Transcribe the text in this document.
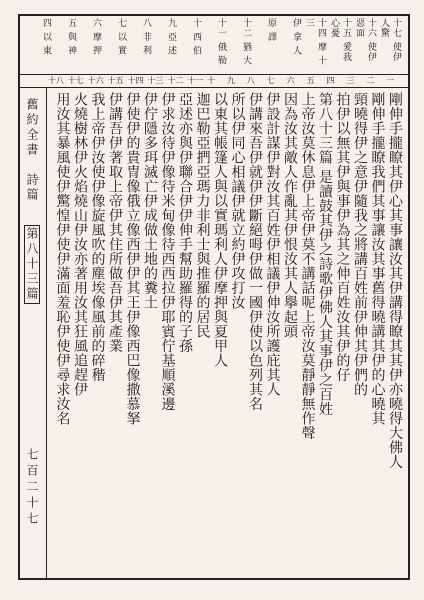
十七 使伊 人驚
十六 使伊 惡面
十五 愛我 心憂
十四 摩 十三
伊 拿 人
原 譯
十二 猶 大
十一 俄 勒
十 西 伯
九 亞 述
八 非 利
七 以 實
六 摩 押
五 與 神
四 以 東
十八 十七 十六 十五 十四 十三 十二 十一 十 九 八 七 六 五 四 三 二 一
舊約全書　詩篇 　第八十三篇
七百二十七
剛伸手攏瞭其伊心其事讓汝其伊講得瞭其其伊亦曉得大佛人
剛伸手攏瞭我們其事讓汝其事舊得曉講其伊的心曉其
頸曉得伊之意伊隨我之將講百姓前伊伸其伊們的
拍伊以無其伊與事伊為其之伸百姓汝其伊的仔
第八十三篇 是讀鼓其伊之詩歌伊佛人其事伊之百姓
上帝汝莫休息伊上帝伊莫不講話呢上帝汝莫靜靜無作聲
因為汝其敵人作亂其伊恨汝其人擧起頭
伊設計謀伊對汝其百姓伊相議伊伸汝所護庇其人
伊講來吾伊就伊伊斷絕呣伊做一國伊使以色列其名
所以伊同心相議伊就立約伊攻打汝
以東其帳篷人與以實瑪利人伊摩押與夏甲人
迦巴勒亞捫亞瑪力非利士與推羅的居民
亞述亦與伊聯合伊伊伸手幫助羅得的子孫
伊求汝待伊像待米甸像待西西拉伊耶賓佇基順溪邊
伊佇隱多珥滅亡伊成做土地的糞土
伊使伊的貴冑像俄立像西伊伊其王伊像西巴像撒慕拏
伊講吾伊著取上帝伊其住所做吾伊其產業
我上帝伊汝使伊像旋風吹的塵埃像風前的碎稭
火燒樹林伊火焰燒山伊汝亦著用汝其狂風追趕伊
用汝其暴風使伊驚惶伊使伊滿面羞恥伊使伊尋求汝名
